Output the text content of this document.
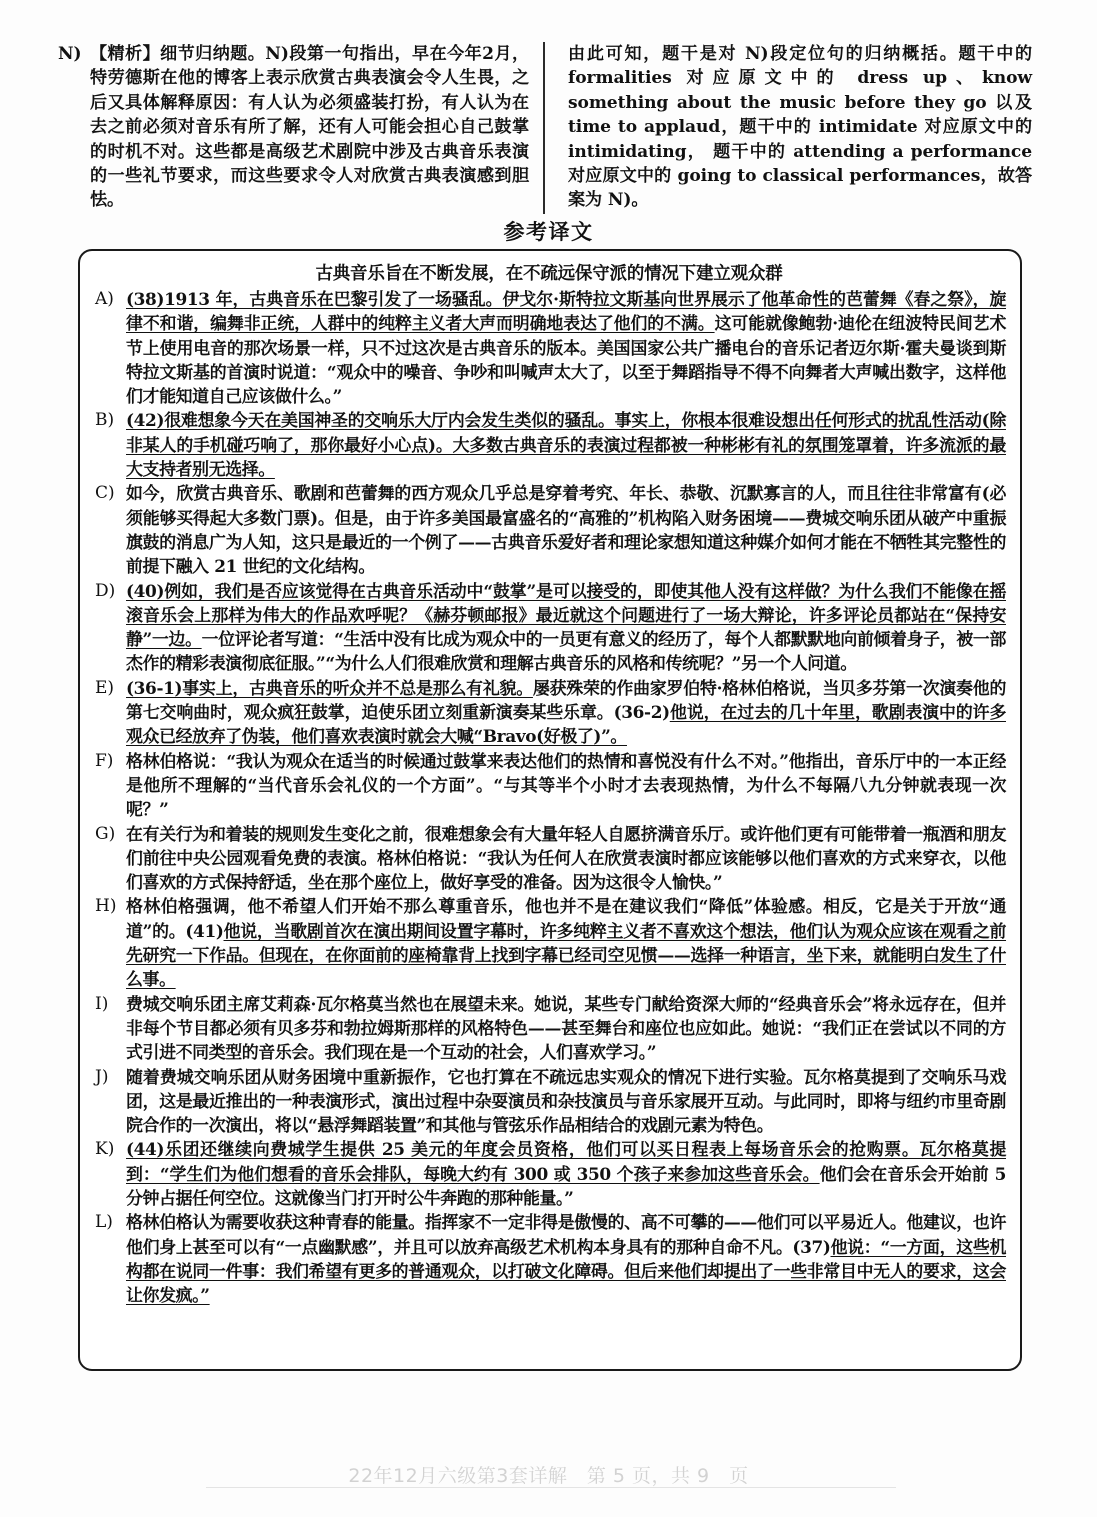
N) 【精析】细节归纳题。N)段第一句指出，早在今年2月，特劳德斯在他的博客上表示欣赏古典表演会令人生畏，之后又具体解释原因：有人认为必须盛装打扮，有人认为在去之前必须对音乐有所了解，还有人可能会担心自己鼓掌的时机不对。这些都是高级艺术剧院中涉及古典音乐表演的一些礼节要求，而这些要求令人对欣赏古典表演感到胆怯。
由此可知，题干是对 N)段定位句的归纳概括。题干中的 formalities 对应原文中的 dress up、know something about the music before they go 以及 time to applaud，题干中的 intimidate 对应原文中的 intimidating， 题干中的 attending a performance 对应原文中的 going to classical performances，故答案为 N)。
参考译文
古典音乐旨在不断发展，在不疏远保守派的情况下建立观众群
A) (38)1913 年，古典音乐在巴黎引发了一场骚乱。伊戈尔·斯特拉文斯基向世界展示了他革命性的芭蕾舞《春之祭》，旋律不和谐，编舞非正统，人群中的纯粹主义者大声而明确地表达了他们的不满。这可能就像鲍勃·迪伦在纽波特民间艺术节上使用电音的那次场景一样，只不过这次是古典音乐的版本。美国国家公共广播电台的音乐记者迈尔斯·霍夫曼谈到斯特拉文斯基的首演时说道：“观众中的噪音、争吵和叫喊声太大了，以至于舞蹈指导不得不向舞者大声喊出数字，这样他们才能知道自己应该做什么。”
B) (42)很难想象今天在美国神圣的交响乐大厅内会发生类似的骚乱。事实上，你根本很难设想出任何形式的扰乱性活动(除非某人的手机碰巧响了，那你最好小心点)。大多数古典音乐的表演过程都被一种彬彬有礼的氛围笼罩着，许多流派的最大支持者别无选择。
C) 如今，欣赏古典音乐、歌剧和芭蕾舞的西方观众几乎总是穿着考究、年长、恭敬、沉默寡言的人，而且往往非常富有(必须能够买得起大多数门票)。但是，由于许多美国最富盛名的“高雅的”机构陷入财务困境——费城交响乐团从破产中重振旗鼓的消息广为人知，这只是最近的一个例了——古典音乐爱好者和理论家想知道这种媒介如何才能在不牺牲其完整性的前提下融入 21 世纪的文化结构。
D) (40)例如，我们是否应该觉得在古典音乐活动中“鼓掌”是可以接受的，即使其他人没有这样做？为什么我们不能像在摇滚音乐会上那样为伟大的作品欢呼呢？《赫芬顿邮报》最近就这个问题进行了一场大辩论，许多评论员都站在“保持安静”一边。一位评论者写道：“生活中没有比成为观众中的一员更有意义的经历了，每个人都默默地向前倾着身子，被一部杰作的精彩表演彻底征服。”“为什么人们很难欣赏和理解古典音乐的风格和传统呢？”另一个人问道。
E) (36-1)事实上，古典音乐的听众并不总是那么有礼貌。屡获殊荣的作曲家罗伯特·格林伯格说，当贝多芬第一次演奏他的第七交响曲时，观众疯狂鼓掌，迫使乐团立刻重新演奏某些乐章。(36-2)他说，在过去的几十年里，歌剧表演中的许多观众已经放弃了伪装，他们喜欢表演时就会大喊“Bravo(好极了)”。
F) 格林伯格说：“我认为观众在适当的时候通过鼓掌来表达他们的热情和喜悦没有什么不对。”他指出，音乐厅中的一本正经是他所不理解的“当代音乐会礼仪的一个方面”。“与其等半个小时才去表现热情，为什么不每隔八九分钟就表现一次呢？”
G) 在有关行为和着装的规则发生变化之前，很难想象会有大量年轻人自愿挤满音乐厅。或许他们更有可能带着一瓶酒和朋友们前往中央公园观看免费的表演。格林伯格说：“我认为任何人在欣赏表演时都应该能够以他们喜欢的方式来穿衣，以他们喜欢的方式保持舒适，坐在那个座位上，做好享受的准备。因为这很令人愉快。”
H) 格林伯格强调，他不希望人们开始不那么尊重音乐，他也并不是在建议我们“降低”体验感。相反，它是关于开放“通道”的。(41)他说，当歌剧首次在演出期间设置字幕时，许多纯粹主义者不喜欢这个想法，他们认为观众应该在观看之前先研究一下作品。但现在，在你面前的座椅靠背上找到字幕已经司空见惯——选择一种语言，坐下来，就能明白发生了什么事。
I)	费城交响乐团主席艾莉森·瓦尔格莫当然也在展望未来。她说，某些专门献给资深大师的“经典音乐会”将永远存在，但并非每个节目都必须有贝多芬和勃拉姆斯那样的风格特色——甚至舞台和座位也应如此。她说：“我们正在尝试以不同的方式引进不同类型的音乐会。我们现在是一个互动的社会，人们喜欢学习。”
J)	随着费城交响乐团从财务困境中重新振作，它也打算在不疏远忠实观众的情况下进行实验。瓦尔格莫提到了交响乐马戏团，这是最近推出的一种表演形式，演出过程中杂耍演员和杂技演员与音乐家展开互动。与此同时，即将与纽约市里奇剧院合作的一次演出，将以“悬浮舞蹈装置”和其他与管弦乐作品相结合的戏剧元素为特色。
K) (44)乐团还继续向费城学生提供 25 美元的年度会员资格，他们可以买日程表上每场音乐会的抢购票。瓦尔格莫提到：“学生们为他们想看的音乐会排队，每晚大约有 300 或 350 个孩子来参加这些音乐会。他们会在音乐会开始前 5 分钟占据任何空位。这就像当门打开时公牛奔跑的那种能量。”
L) 格林伯格认为需要收获这种青春的能量。指挥家不一定非得是傲慢的、高不可攀的——他们可以平易近人。他建议，也许他们身上甚至可以有“一点幽默感”，并且可以放弃高级艺术机构本身具有的那种自命不凡。(37)他说：“一方面，这些机构都在说同一件事：我们希望有更多的普通观众，以打破文化障碍。但后来他们却提出了一些非常目中无人的要求，这会让你发疯。”
22年12月六级第3套详解　第 5 页，共 9　页
